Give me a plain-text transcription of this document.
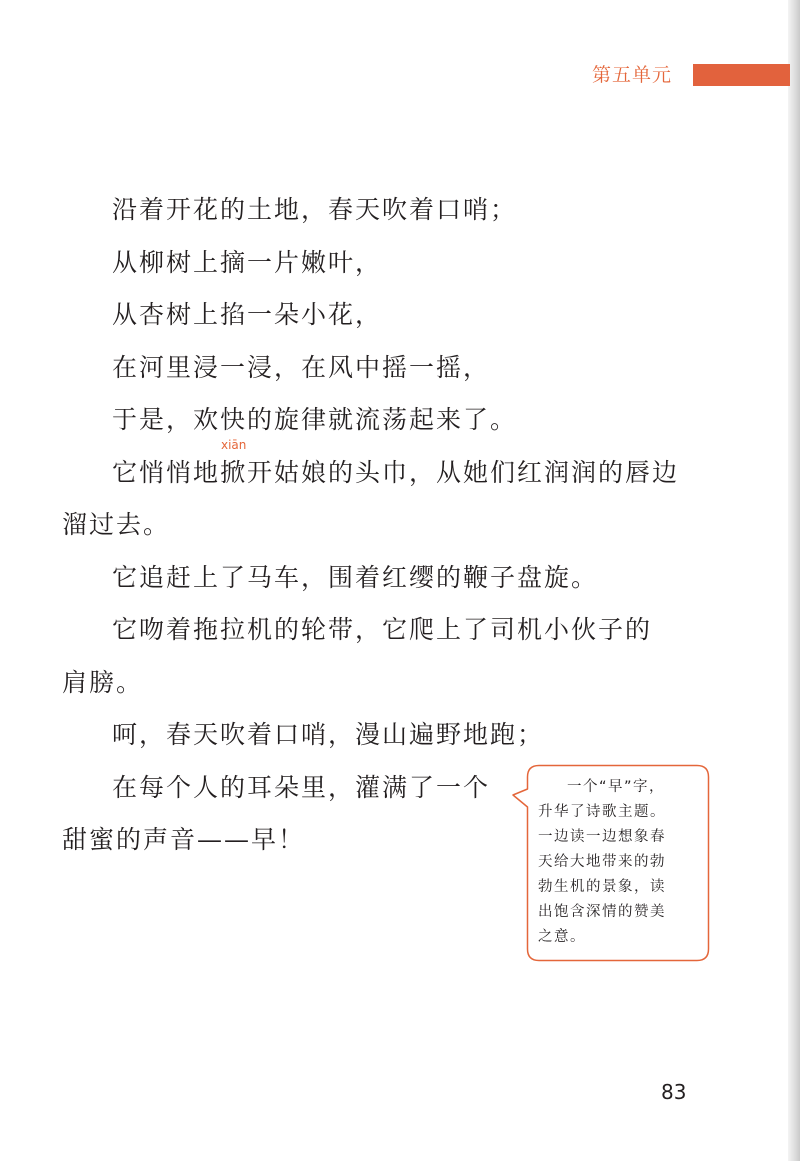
第五单元
沿着开花的土地，春天吹着口哨；
从柳树上摘一片嫩叶，
从杏树上掐一朵小花，
在河里浸一浸，在风中摇一摇，
于是，欢快的旋律就流荡起来了。
xiān
它悄悄地掀开姑娘的头巾，从她们红润润的唇边
溜过去。
它追赶上了马车，围着红缨的鞭子盘旋。
它吻着拖拉机的轮带，它爬上了司机小伙子的
肩膀。
呵，春天吹着口哨，漫山遍野地跑；
在每个人的耳朵里，灌满了一个
甜蜜的声音——早！
一个“早”字，
升华了诗歌主题。
一边读一边想象春
天给大地带来的勃
勃生机的景象，读
出饱含深情的赞美
之意。
83
